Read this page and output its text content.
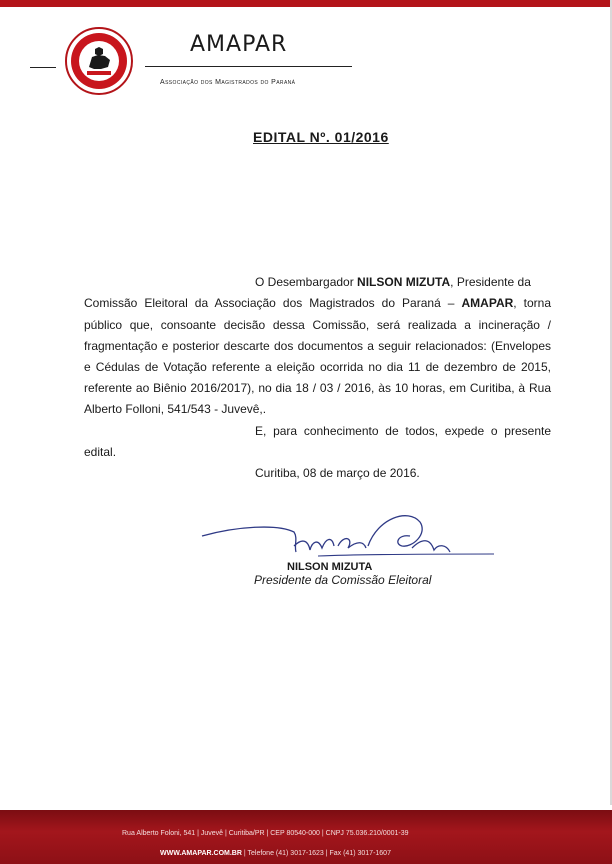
AMAPAR
Associação dos Magistrados do Paraná
EDITAL Nº. 01/2016
O Desembargador NILSON MIZUTA, Presidente da
Comissão Eleitoral da Associação dos Magistrados do Paraná – AMAPAR, torna
público que, consoante decisão dessa Comissão, será realizada a incineração /
fragmentação e posterior descarte dos documentos a seguir relacionados: (Envelopes
e Cédulas de Votação referente a eleição ocorrida no dia 11 de dezembro de 2015,
referente ao Biênio 2016/2017), no dia 18 / 03 / 2016, às 10 horas, em Curitiba, à Rua
Alberto Folloni, 541/543 - Juvevê,.
E, para conhecimento de todos, expede o presente
edital.
Curitiba, 08 de março de 2016.
NILSON MIZUTA
Presidente da Comissão Eleitoral
Rua Alberto Foloni, 541 | Juvevê | Curitiba/PR | CEP 80540-000 | CNPJ 75.036.210/0001-39
WWW.AMAPAR.COM.BR | Telefone (41) 3017-1623 | Fax (41) 3017-1607
